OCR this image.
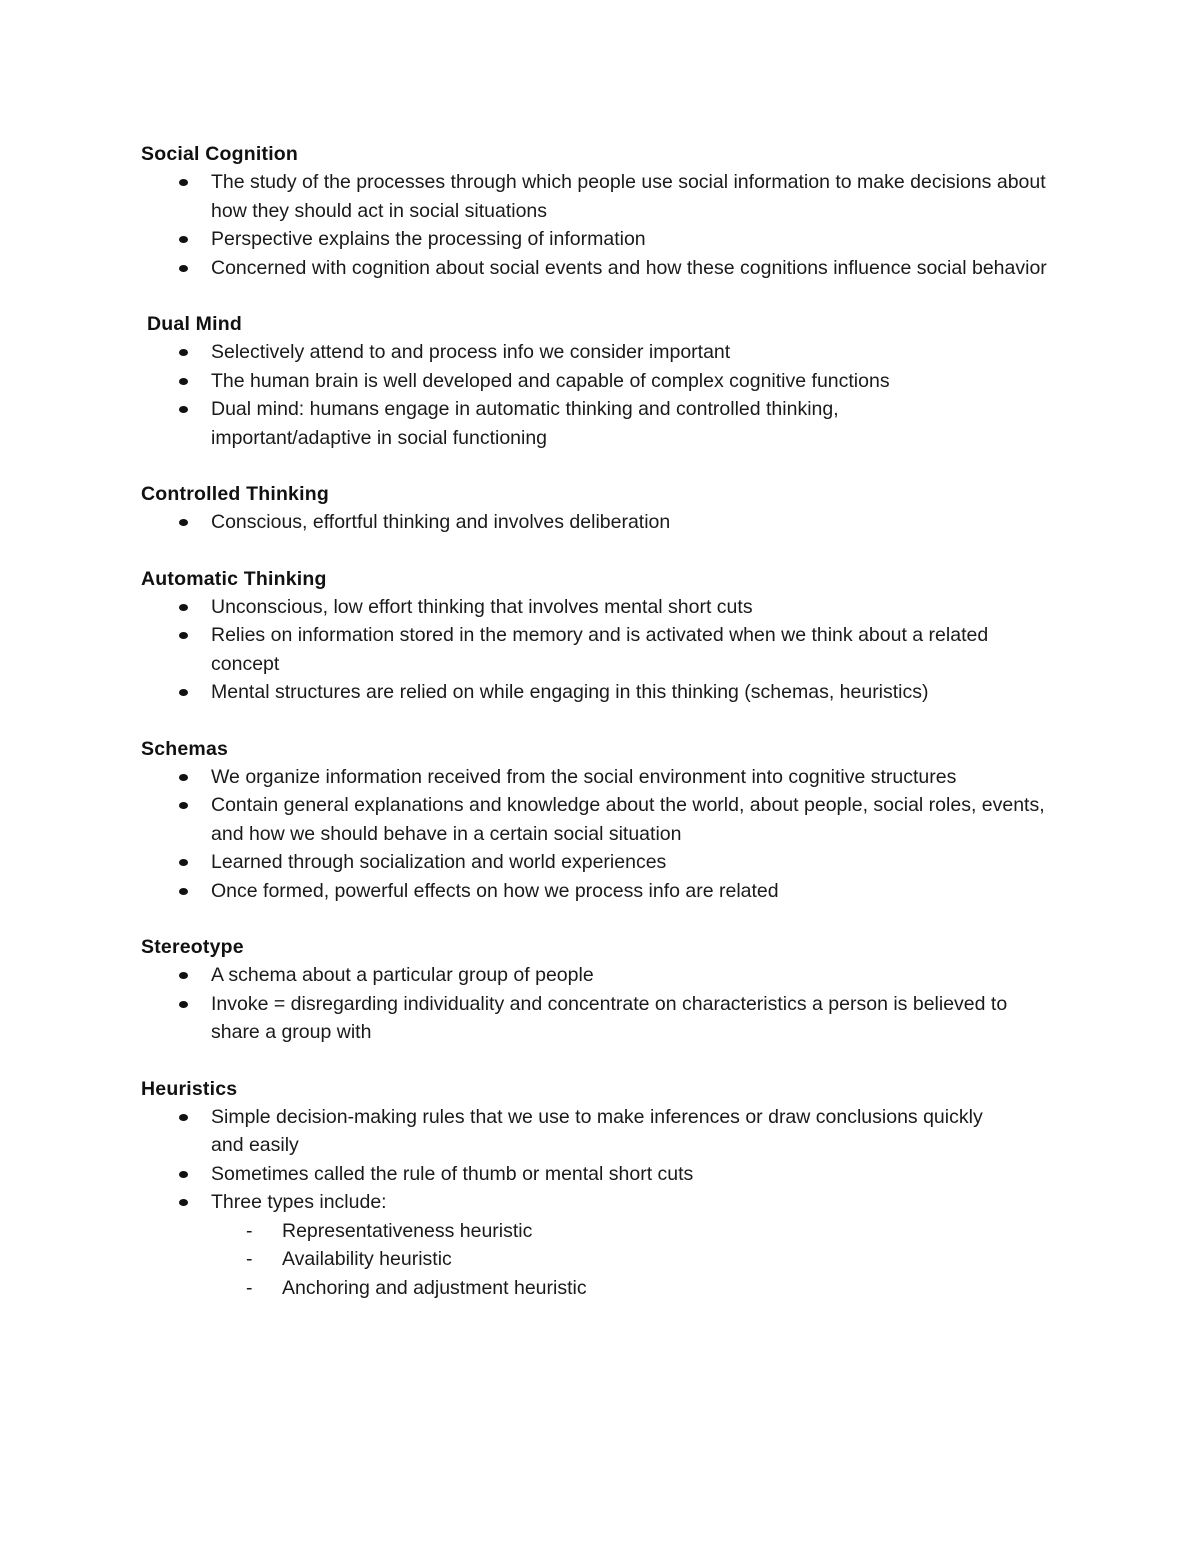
Social Cognition

The study of the processes through which people use social information to make decisions about how they should act in social situations
Perspective explains the processing of information
Concerned with cognition about social events and how these cognitions influence social behavior

Dual Mind

Selectively attend to and process info we consider important
The human brain is well developed and capable of complex cognitive functions
Dual mind: humans engage in automatic thinking and controlled thinking, important/adaptive in social functioning

Controlled Thinking

Conscious, effortful thinking and involves deliberation

Automatic Thinking

Unconscious, low effort thinking that involves mental short cuts
Relies on information stored in the memory and is activated when we think about a related concept
Mental structures are relied on while engaging in this thinking (schemas, heuristics)

Schemas

We organize information received from the social environment into cognitive structures
Contain general explanations and knowledge about the world, about people, social roles, events, and how we should behave in a certain social situation
Learned through socialization and world experiences
Once formed, powerful effects on how we process info are related

Stereotype

A schema about a particular group of people
Invoke = disregarding individuality and concentrate on characteristics a person is believed to share a group with

Heuristics

Simple decision-making rules that we use to make inferences or draw conclusions quickly and easily
Sometimes called the rule of thumb or mental short cuts
Three types include:
- Representativeness heuristic
- Availability heuristic
- Anchoring and adjustment heuristic
